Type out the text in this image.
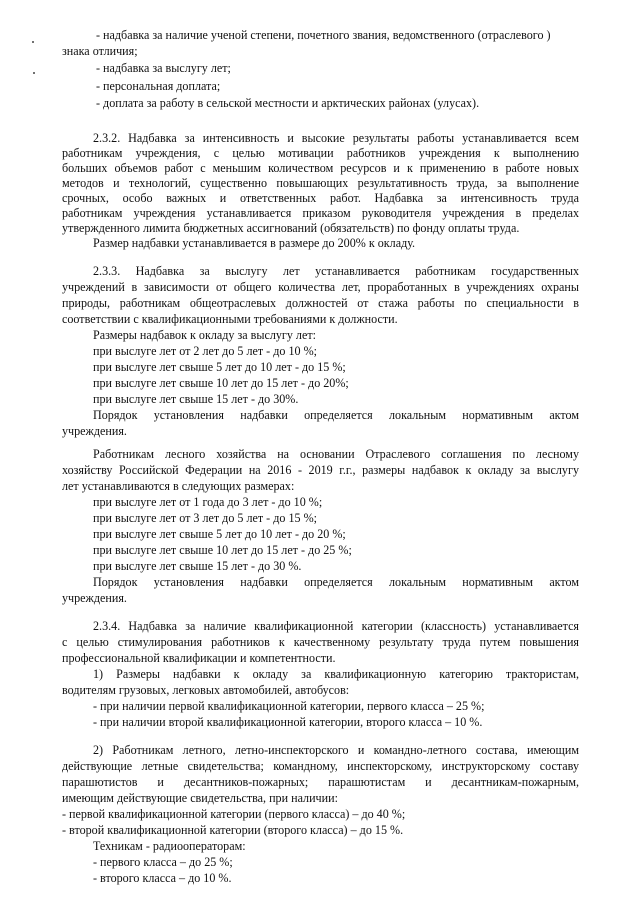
- надбавка за наличие ученой степени, почетного звания, ведомственного (отраслевого )
знака отличия;
- надбавка за выслугу лет;
- персональная доплата;
- доплата за работу в сельской местности и арктических районах (улусах).
2.3.2. Надбавка за интенсивность и высокие результаты работы устанавливается всем
работникам учреждения, с целью мотивации работников учреждения к выполнению
больших объемов работ с меньшим количеством ресурсов и к применению в работе новых
методов и технологий, существенно повышающих результативность труда, за выполнение
срочных, особо важных и ответственных работ. Надбавка за интенсивность труда
работникам учреждения устанавливается приказом руководителя учреждения в пределах
утвержденного лимита бюджетных ассигнований (обязательств) по фонду оплаты труда.
Размер надбавки устанавливается в размере до 200% к окладу.
2.3.3. Надбавка за выслугу лет устанавливается работникам государственных
учреждений в зависимости от общего количества лет, проработанных в учреждениях охраны
природы, работникам общеотраслевых должностей от стажа работы по специальности в
соответствии с квалификационными требованиями к должности.
Размеры надбавок к окладу за выслугу лет:
при выслуге лет от 2 лет до 5 лет - до 10 %;
при выслуге лет свыше 5 лет до 10 лет - до 15 %;
при выслуге лет свыше 10 лет до 15 лет - до 20%;
при выслуге лет свыше 15 лет - до 30%.
Порядок установления надбавки определяется локальным нормативным актом
учреждения.
Работникам лесного хозяйства на основании Отраслевого соглашения по лесному
хозяйству Российской Федерации на 2016 - 2019 г.г., размеры надбавок к окладу за выслугу
лет устанавливаются в следующих размерах:
при выслуге лет от 1 года до 3 лет - до 10 %;
при выслуге лет от 3 лет до 5 лет - до 15 %;
при выслуге лет свыше 5 лет до 10 лет - до 20 %;
при выслуге лет свыше 10 лет до 15 лет - до 25 %;
при выслуге лет свыше 15 лет - до 30 %.
Порядок установления надбавки определяется локальным нормативным актом
учреждения.
2.3.4. Надбавка за наличие квалификационной категории (классность) устанавливается
с целью стимулирования работников к качественному результату труда путем повышения
профессиональной квалификации и компетентности.
1) Размеры надбавки к окладу за квалификационную категорию трактористам,
водителям грузовых, легковых автомобилей, автобусов:
- при наличии первой квалификационной категории, первого класса – 25 %;
- при наличии второй квалификационной категории, второго класса – 10 %.
2) Работникам летного, летно-инспекторского и командно-летного состава, имеющим
действующие летные свидетельства; командному, инспекторскому, инструкторскому составу
парашютистов и десантников-пожарных; парашютистам и десантникам-пожарным,
имеющим действующие свидетельства, при наличии:
- первой квалификационной категории (первого класса) – до 40 %;
- второй квалификационной категории (второго класса) – до 15 %.
Техникам - радиооператорам:
- первого класса – до 25 %;
- второго класса – до 10 %.
